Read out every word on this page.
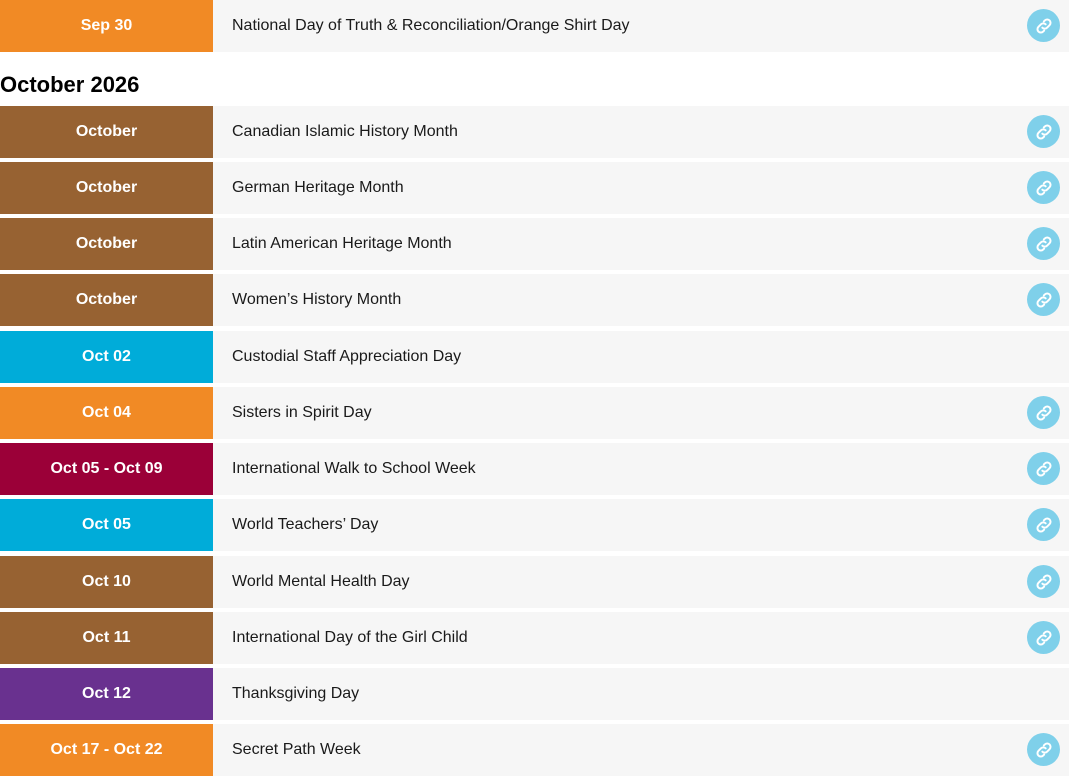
Sep 30	National Day of Truth & Reconciliation/Orange Shirt Day
October 2026
October	Canadian Islamic History Month
October	German Heritage Month
October	Latin American Heritage Month
October	Women’s History Month
Oct 02	Custodial Staff Appreciation Day
Oct 04	Sisters in Spirit Day
Oct 05 - Oct 09	International Walk to School Week
Oct 05	World Teachers’ Day
Oct 10	World Mental Health Day
Oct 11	International Day of the Girl Child
Oct 12	Thanksgiving Day
Oct 17 - Oct 22	Secret Path Week
